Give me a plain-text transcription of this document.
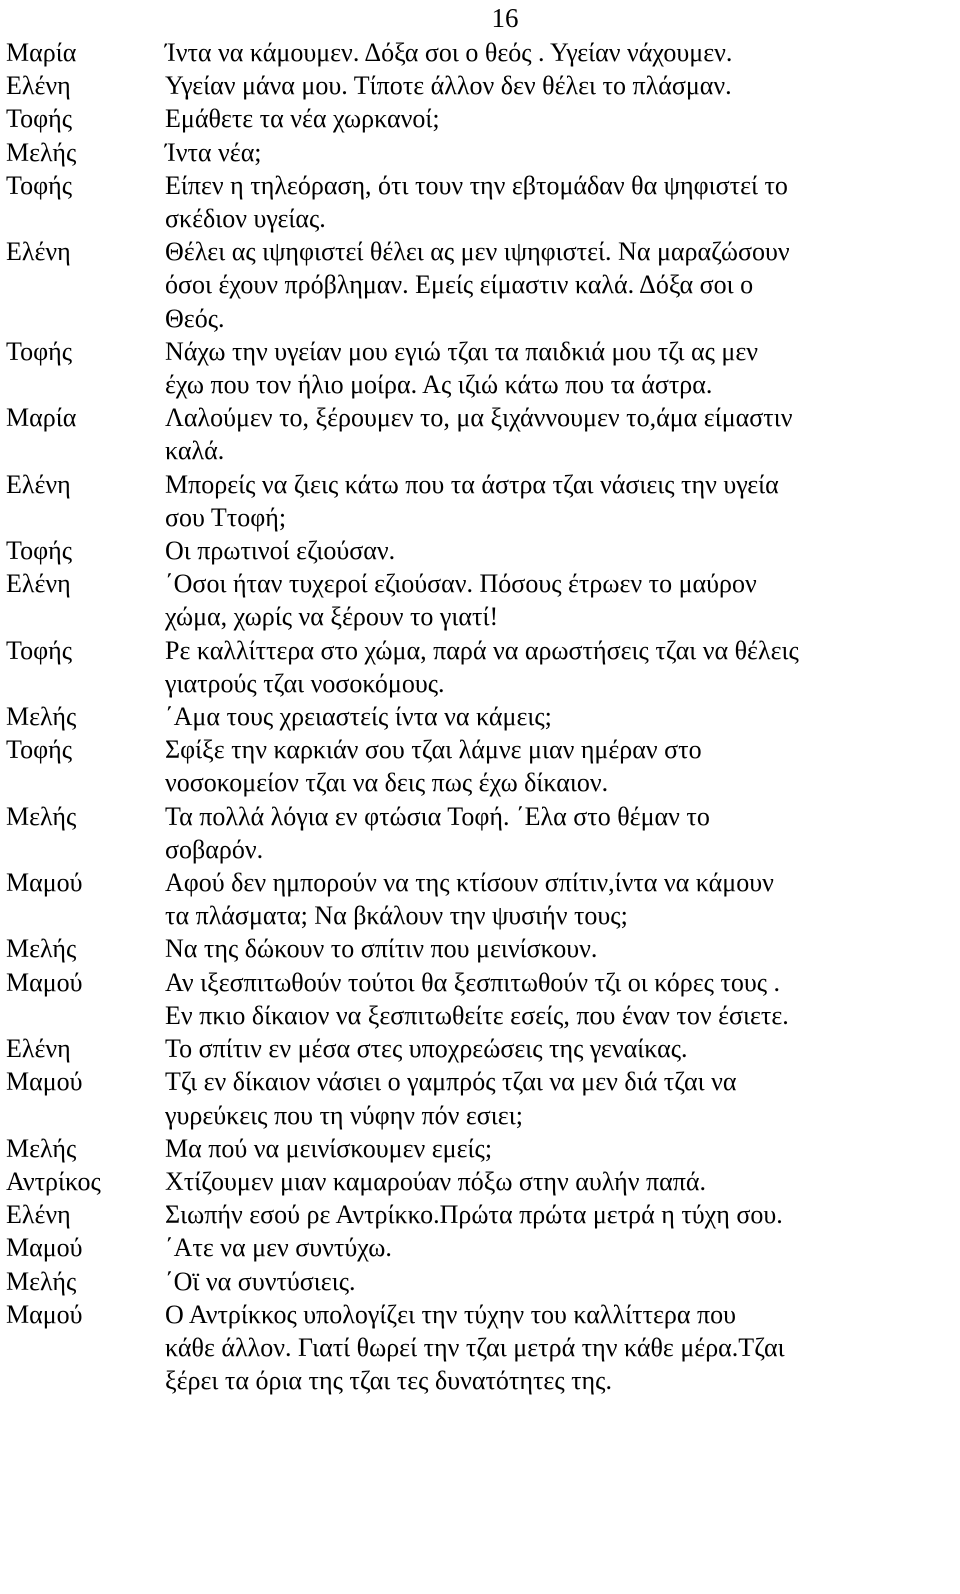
16
Μαρία	Ίντα να κάμουμεν. Δόξα σοι ο θεός . Υγείαν νάχουμεν.
Ελένη	Υγείαν μάνα μου. Τίποτε άλλον δεν θέλει το πλάσμαν.
Τοφής	Εμάθετε τα νέα χωρκανοί;
Μελής	Ίντα νέα;
Τοφής	Είπεν η τηλεόραση, ότι τουν την εβτομάδαν θα ψηφιστεί το
σκέδιον υγείας.
Ελένη	Θέλει ας ιψηφιστεί θέλει ας μεν ιψηφιστεί. Να μαραζώσουν
όσοι έχουν πρόβλημαν. Εμείς είμαστιν καλά. Δόξα σοι ο
Θεός.
Τοφής	Νάχω την υγείαν μου εγιώ τζαι τα παιδκιά μου τζι ας μεν
έχω που τον ήλιο μοίρα. Ας ιζιώ κάτω που τα άστρα.
Μαρία	Λαλούμεν το, ξέρουμεν το, μα ξιχάννουμεν το,άμα είμαστιν
καλά.
Ελένη	Μπορείς να ζιεις κάτω που τα άστρα τζαι νάσιεις την υγεία
σου Ττοφή;
Τοφής	Οι πρωτινοί εζιούσαν.
Ελένη	΄Οσοι ήταν τυχεροί εζιούσαν. Πόσους έτρωεν το μαύρον
χώμα, χωρίς να ξέρουν το γιατί!
Τοφής	Ρε καλλίττερα στο χώμα, παρά να αρωστήσεις τζαι να θέλεις
γιατρούς τζαι νοσοκόμους.
Μελής	΄Αμα τους χρειαστείς ίντα να κάμεις;
Τοφής	Σφίξε την καρκιάν σου τζαι λάμνε μιαν ημέραν στο
νοσοκομείον τζαι να δεις πως έχω δίκαιον.
Μελής	Τα πολλά λόγια εν φτώσια Τοφή. ΄Ελα στο θέμαν το
σοβαρόν.
Μαμού	Αφού δεν ημπορούν να της κτίσουν σπίτιν,ίντα να κάμουν
τα πλάσματα; Να βκάλουν την ψυσιήν τους;
Μελής	Να της δώκουν το σπίτιν που μεινίσκουν.
Μαμού	Αν ιξεσπιτωθούν τούτοι θα ξεσπιτωθούν τζι οι κόρες τους .
Εν πκιο δίκαιον να ξεσπιτωθείτε εσείς, που έναν τον έσιετε.
Ελένη	Το σπίτιν εν μέσα στες υποχρεώσεις της γεναίκας.
Μαμού	Τζι εν δίκαιον νάσιει ο γαμπρός τζαι να μεν διά τζαι να
γυρεύκεις που τη νύφην πόν εσιει;
Μελής	Μα πού να μεινίσκουμεν εμείς;
Αντρίκος	Χτίζουμεν μιαν καμαρούαν πόξω στην αυλήν παπά.
Ελένη	Σιωπήν εσού ρε Αντρίκκο.Πρώτα πρώτα μετρά η τύχη σου.
Μαμού	΄Ατε να μεν συντύχω.
Μελής	΄Οϊ να συντύσιεις.
Μαμού	Ο Αντρίκκος υπολογίζει την τύχην του καλλίττερα που
κάθε άλλον. Γιατί θωρεί την τζαι μετρά την κάθε μέρα.Τζαι
ξέρει τα όρια της τζαι τες δυνατότητες της.
